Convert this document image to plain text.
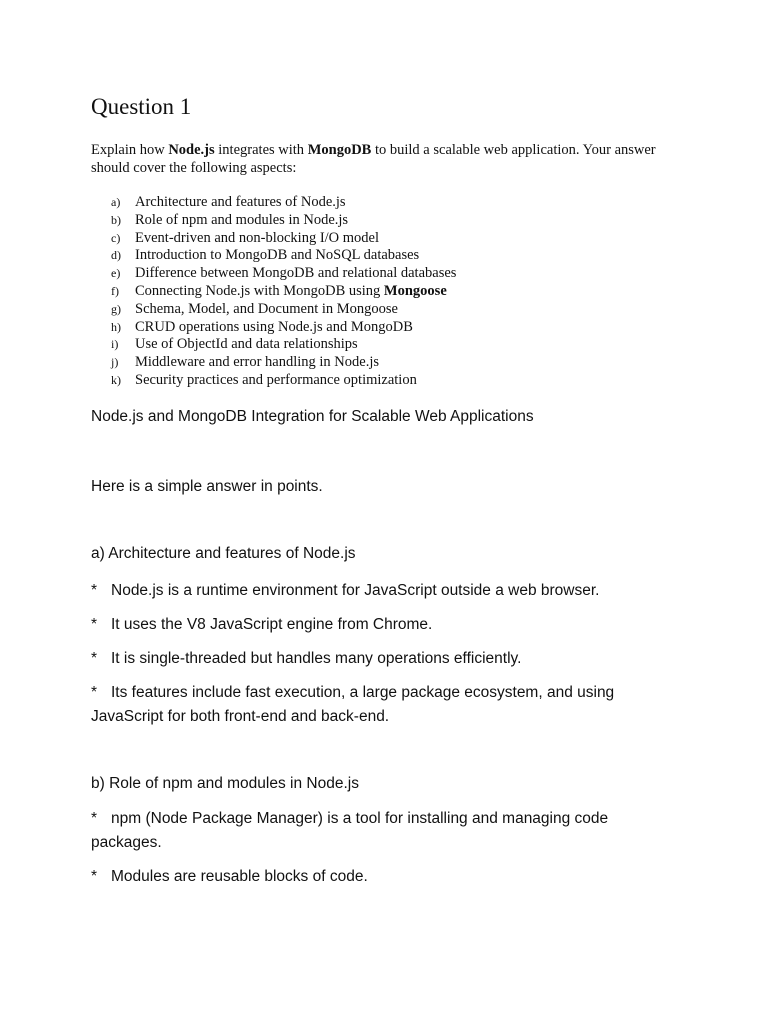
Question 1
Explain how Node.js integrates with MongoDB to build a scalable web application. Your answer should cover the following aspects:
a) Architecture and features of Node.js
b) Role of npm and modules in Node.js
c) Event-driven and non-blocking I/O model
d) Introduction to MongoDB and NoSQL databases
e) Difference between MongoDB and relational databases
f) Connecting Node.js with MongoDB using Mongoose
g) Schema, Model, and Document in Mongoose
h) CRUD operations using Node.js and MongoDB
i) Use of ObjectId and data relationships
j) Middleware and error handling in Node.js
k) Security practices and performance optimization
Node.js and MongoDB Integration for Scalable Web Applications
Here is a simple answer in points.
a) Architecture and features of Node.js
* Node.js is a runtime environment for JavaScript outside a web browser.
* It uses the V8 JavaScript engine from Chrome.
* It is single-threaded but handles many operations efficiently.
* Its features include fast execution, a large package ecosystem, and using JavaScript for both front-end and back-end.
b) Role of npm and modules in Node.js
* npm (Node Package Manager) is a tool for installing and managing code packages.
* Modules are reusable blocks of code.
